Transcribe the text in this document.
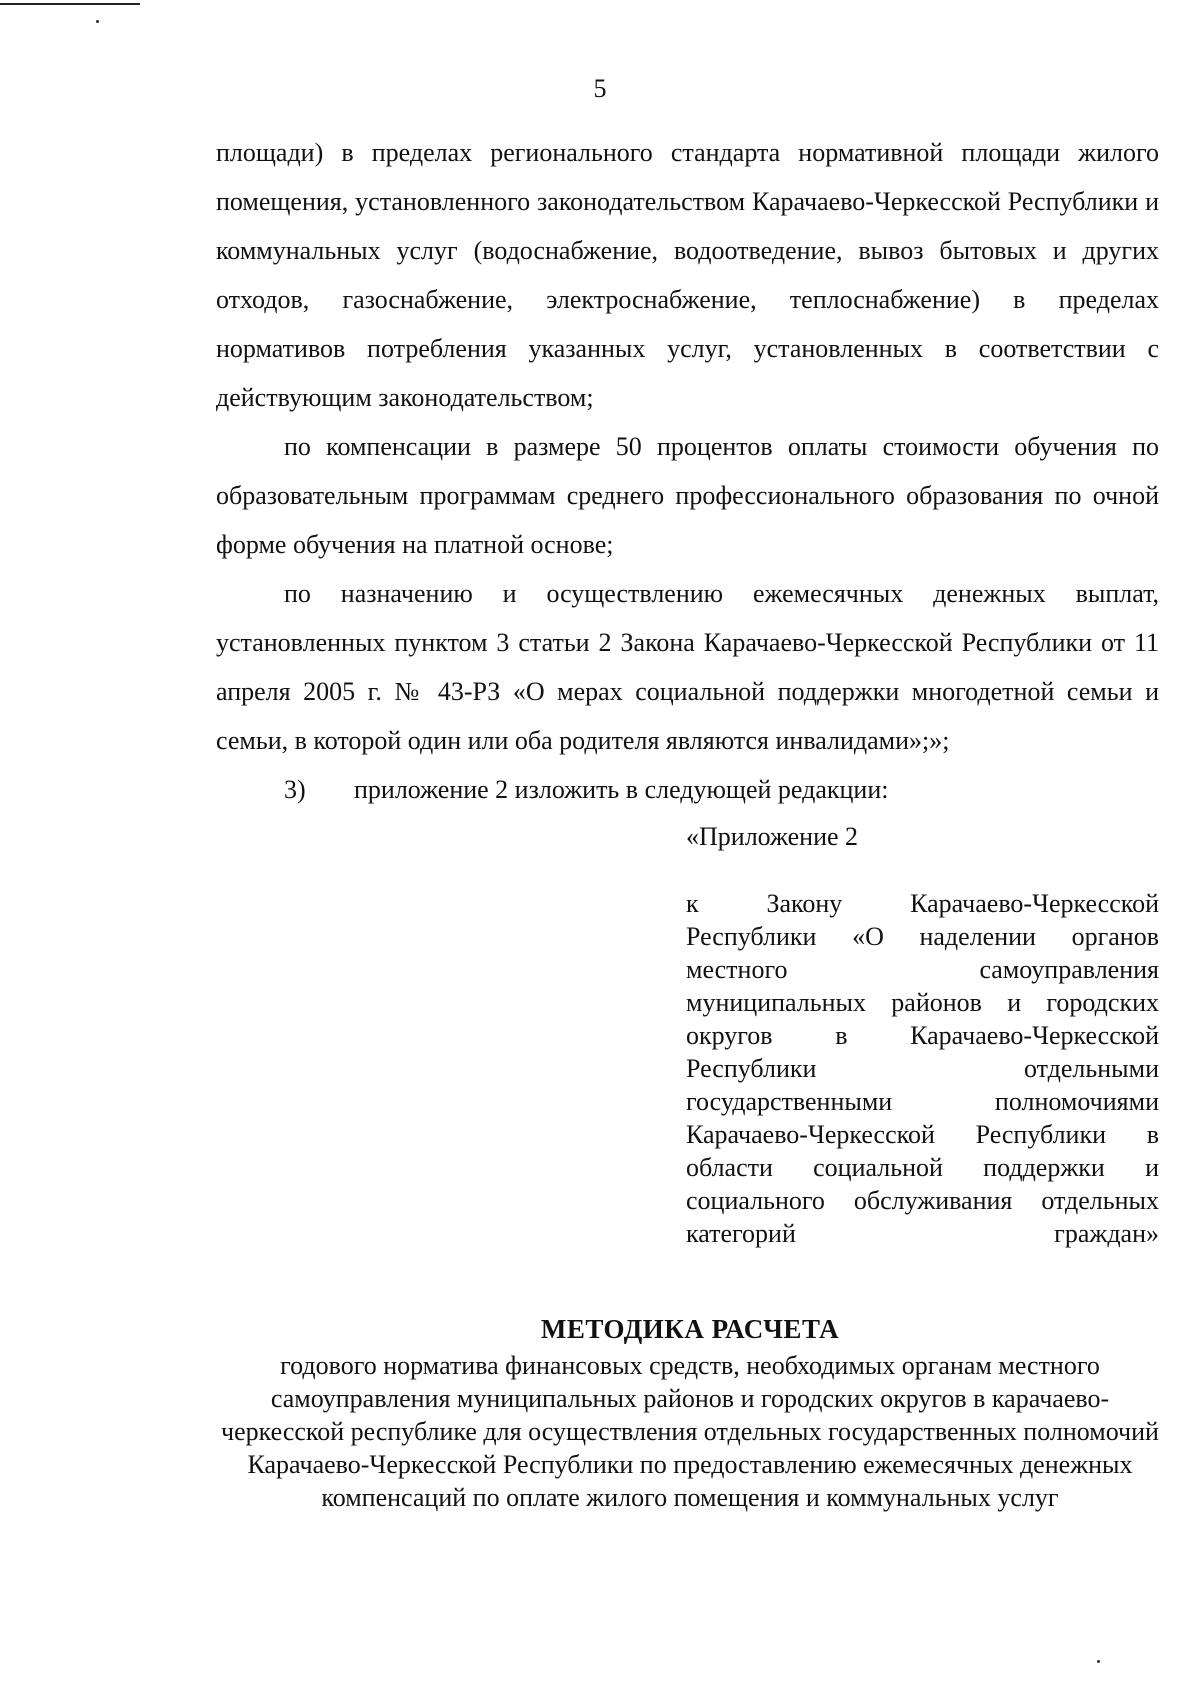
5

площади) в пределах регионального стандарта нормативной площади жилого помещения, установленного законодательством Карачаево-Черкесской Республики и коммунальных услуг (водоснабжение, водоотведение, вывоз бытовых и других отходов, газоснабжение, электроснабжение, теплоснабжение) в пределах нормативов потребления указанных услуг, установленных в соответствии с действующим законодательством;

по компенсации в размере 50 процентов оплаты стоимости обучения по образовательным программам среднего профессионального образования по очной форме обучения на платной основе;

по назначению и осуществлению ежемесячных денежных выплат, установленных пунктом 3 статьи 2 Закона Карачаево-Черкесской Республики от 11 апреля 2005 г. № 43-РЗ «О мерах социальной поддержки многодетной семьи и семьи, в которой один или оба родителя являются инвалидами»;»;

3) приложение 2 изложить в следующей редакции:

«Приложение 2
к Закону Карачаево-Черкесской Республики «О наделении органов местного самоуправления муниципальных районов и городских округов в Карачаево-Черкесской Республики отдельными государственными полномочиями Карачаево-Черкесской Республики в области социальной поддержки и социального обслуживания отдельных категорий граждан»
МЕТОДИКА РАСЧЕТА
годового норматива финансовых средств, необходимых органам местного самоуправления муниципальных районов и городских округов в карачаево-черкесской республике для осуществления отдельных государственных полномочий Карачаево-Черкесской Республики по предоставлению ежемесячных денежных компенсаций по оплате жилого помещения и коммунальных услуг
